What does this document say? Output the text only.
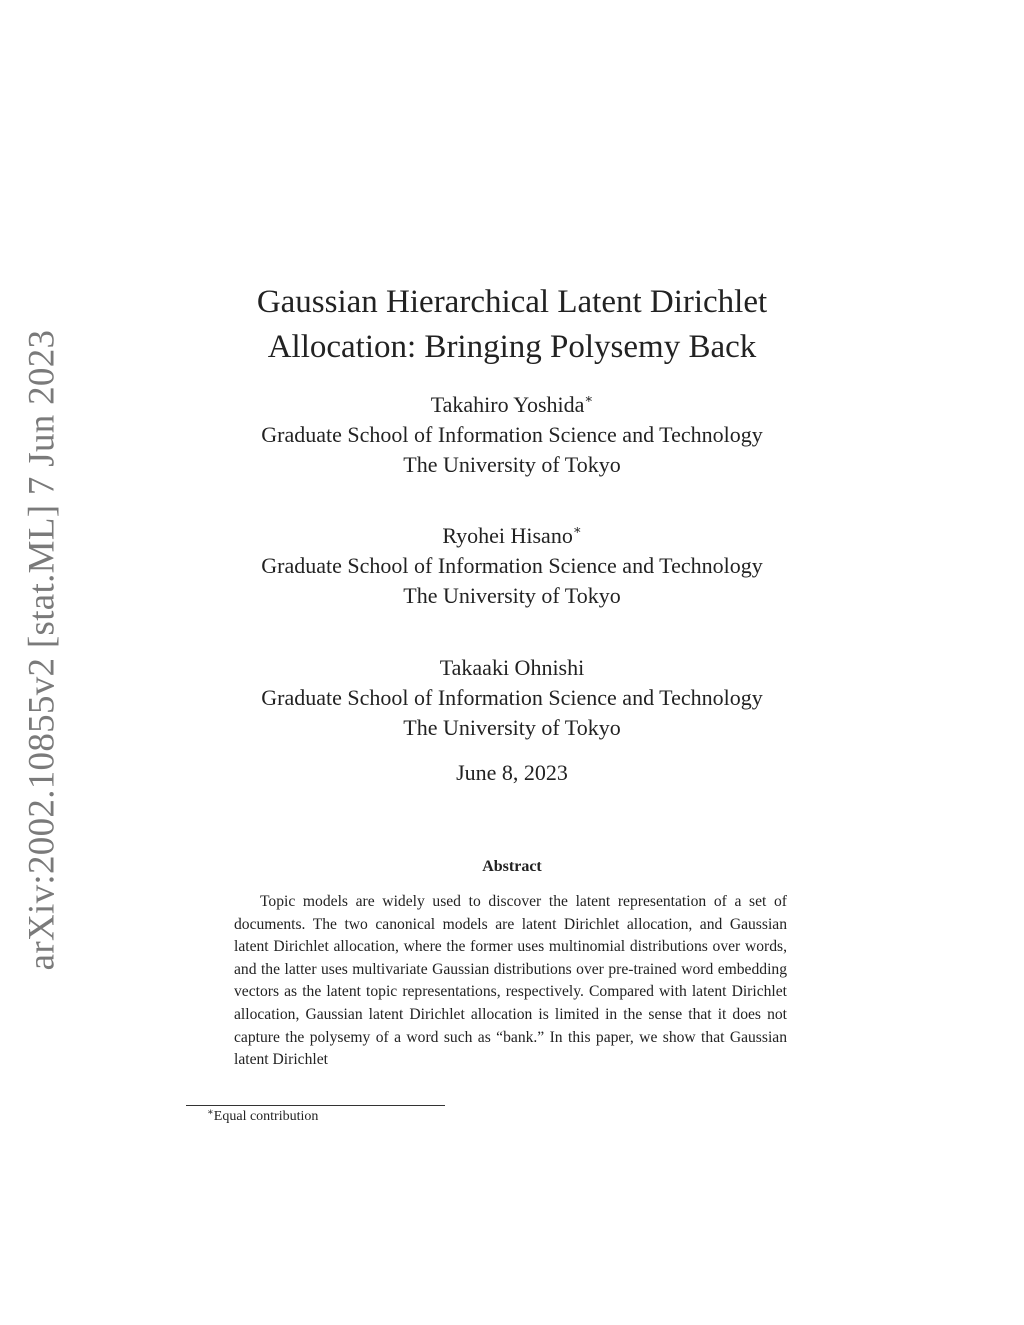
arXiv:2002.10855v2 [stat.ML] 7 Jun 2023
Gaussian Hierarchical Latent Dirichlet
Allocation: Bringing Polysemy Back
Takahiro Yoshida∗
Graduate School of Information Science and Technology
The University of Tokyo
Ryohei Hisano∗
Graduate School of Information Science and Technology
The University of Tokyo
Takaaki Ohnishi
Graduate School of Information Science and Technology
The University of Tokyo
June 8, 2023
Abstract
Topic models are widely used to discover the latent representation of a set of documents. The two canonical models are latent Dirichlet allocation, and Gaussian latent Dirichlet allocation, where the former uses multinomial distributions over words, and the latter uses multivariate Gaussian distributions over pre-trained word embedding vectors as the latent topic representations, respectively. Compared with latent Dirichlet allocation, Gaussian latent Dirichlet allocation is limited in the sense that it does not capture the polysemy of a word such as “bank.” In this paper, we show that Gaussian latent Dirichlet
∗Equal contribution
